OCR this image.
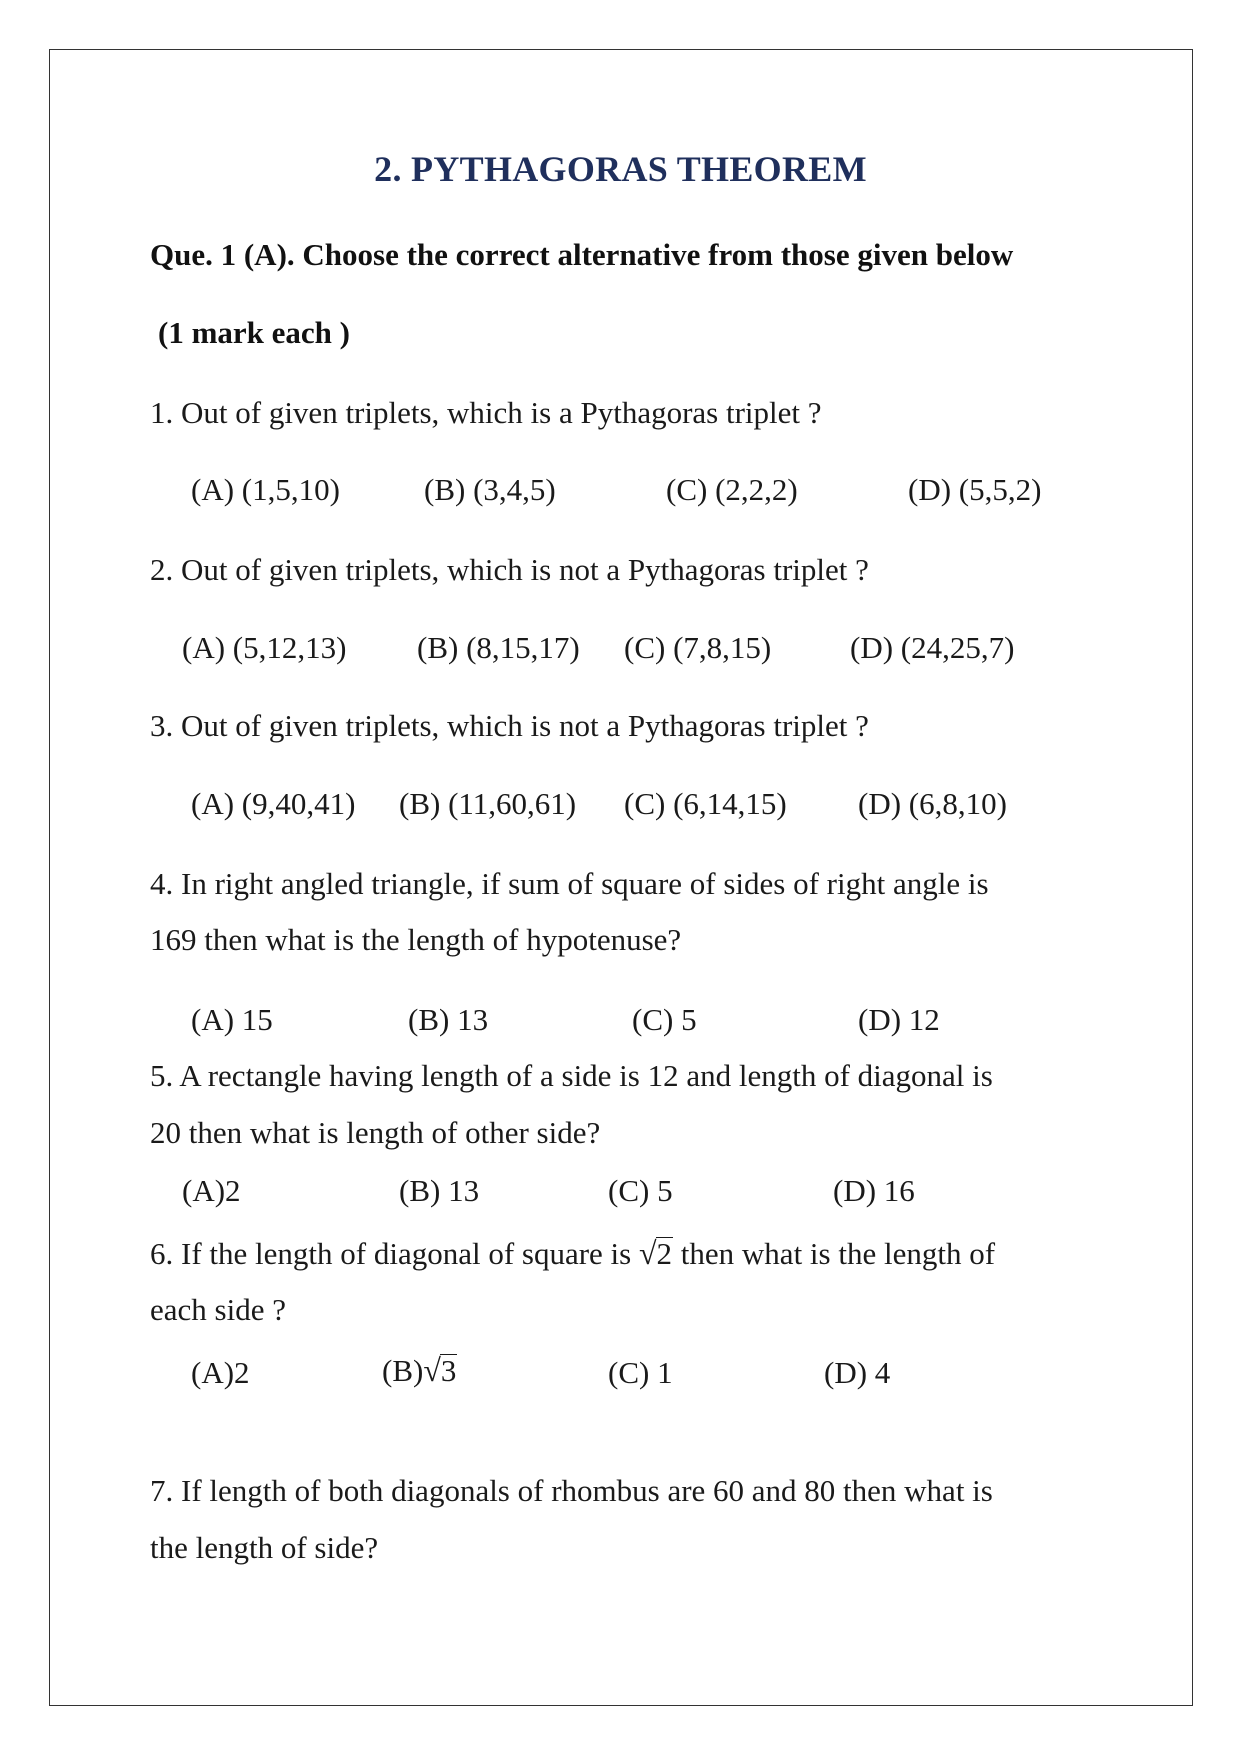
2. PYTHAGORAS THEOREM
Que. 1 (A). Choose the correct alternative from those given below
(1 mark each )
1. Out of given triplets, which is a Pythagoras triplet ?
(A) (1,5,10)	(B) (3,4,5)	(C) (2,2,2)	(D) (5,5,2)
2. Out of given triplets, which is not a Pythagoras triplet ?
(A) (5,12,13) (B) (8,15,17) (C) (7,8,15)	(D) (24,25,7)
3. Out of given triplets, which is not a Pythagoras triplet ?
(A) (9,40,41) (B) (11,60,61) (C) (6,14,15) (D) (6,8,10)
4. In right angled triangle, if sum of square of sides of right angle is
169 then what is the length of hypotenuse?
(A) 15	(B) 13	(C) 5	(D) 12
5. A rectangle having length of a side is 12 and length of diagonal is
20 then what is length of other side?
(A)2	(B) 13	(C) 5	(D) 16
6. If the length of diagonal of square is √2 then what is the length of
each side ?
(A)2	(B)√3	(C) 1	(D) 4
7. If length of both diagonals of rhombus are 60 and 80 then what is
the length of side?
